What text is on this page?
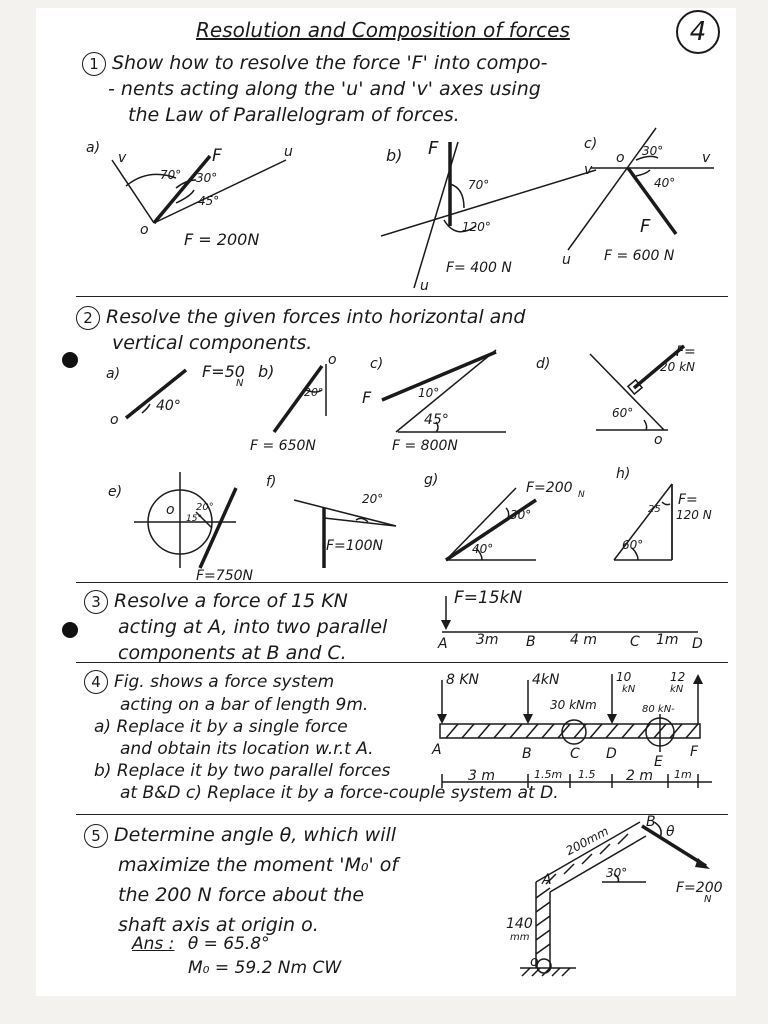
Resolution and Composition of forces	4
1 Show how to resolve the force 'F' into compo-
- nents acting along the 'u' and 'v' axes using
the Law of Parallelogram of forces.
a)
v	u
F
o
70° 30°
45°
F = 200N
b) F
v
u
70°
120°
F= 400 N
c)
o	v
u
F
30°
40°
F = 600 N
2 Resolve the given forces into horizontal and
vertical components.
a)	F=50
N
o
40°
b)
o
20°
F = 650N
c)
F	10°
45°
F = 800N
d)
F=
20 kN
60°
o
e)
o 20°
15°
F=750N
f)
20°
F=100N
g)	F=200 N
30°
40°
h)
F=
120 N
25
60°
3 Resolve a force of 15 KN
acting at A, into two parallel
components at B and C.
F=15kN
A 3m B 4 m C 1m D
4 Fig. shows a force system
acting on a bar of length 9m.
a) Replace it by a single force
and obtain its location w.r.t A.
b) Replace it by two parallel forces
at B&D c) Replace it by a force-couple system at D.
8 KN	4kN	10
kN
12
kN
30 kNm	80 kN-
A	B	C D	E
F
3 m	1.5m 1.5 2 m 1m
5 Determine angle θ, which will
maximize the moment 'M₀' of
the 200 N force about the
shaft axis at origin o.
Ans : θ = 65.8°
M₀ = 59.2 Nm CW
200mm
140
mm
30°
θ
F=200
N
A
B
o
